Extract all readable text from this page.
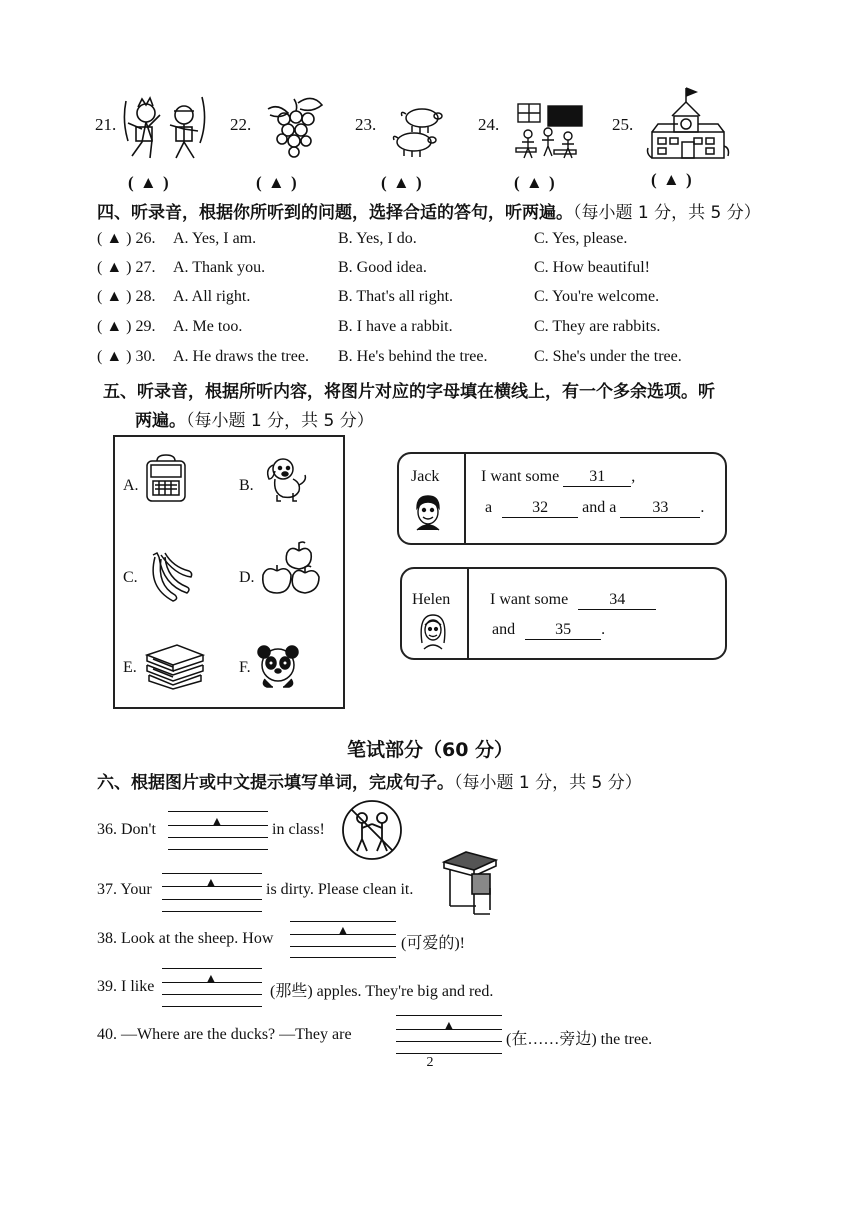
21.	22.	23.	24.	25.
( ▲ )	( ▲ )	( ▲ )	( ▲ )	( ▲ )
四、听录音，根据你所听到的问题，选择合适的答句，听两遍。（每小题 1 分，共 5 分）
( ▲ ) 26. A. Yes, I am.	B. Yes, I do.	C. Yes, please.
( ▲ ) 27. A. Thank you.	B. Good idea.	C. How beautiful!
( ▲ ) 28. A. All right.	B. That's all right.	C. You're welcome.
( ▲ ) 29. A. Me too.	B. I have a rabbit.	C. They are rabbits.
( ▲ ) 30. A. He draws the tree. B. He's behind the tree.	C. She's under the tree.
五、听录音，根据所听内容，将图片对应的字母填在横线上，有一个多余选项。听
两遍。（每小题 1 分，共 5 分）
A.	B.
C.	D.
E.	F.
Jack	I want some 31 ,
a	32 and a 33 .
Helen I want some	34
and	35 .
笔试部分（60 分）
六、根据图片或中文提示填写单词，完成句子。（每小题 1 分，共 5 分）
36. Don't	▲	in class!
37. Your	▲	is dirty. Please clean it.
38. Look at the sheep. How	▲
(可爱的)!
39. I like	▲
(那些) apples. They're big and red.
40. —Where are the ducks? —They are	▲
(在……旁边) the tree.
2
